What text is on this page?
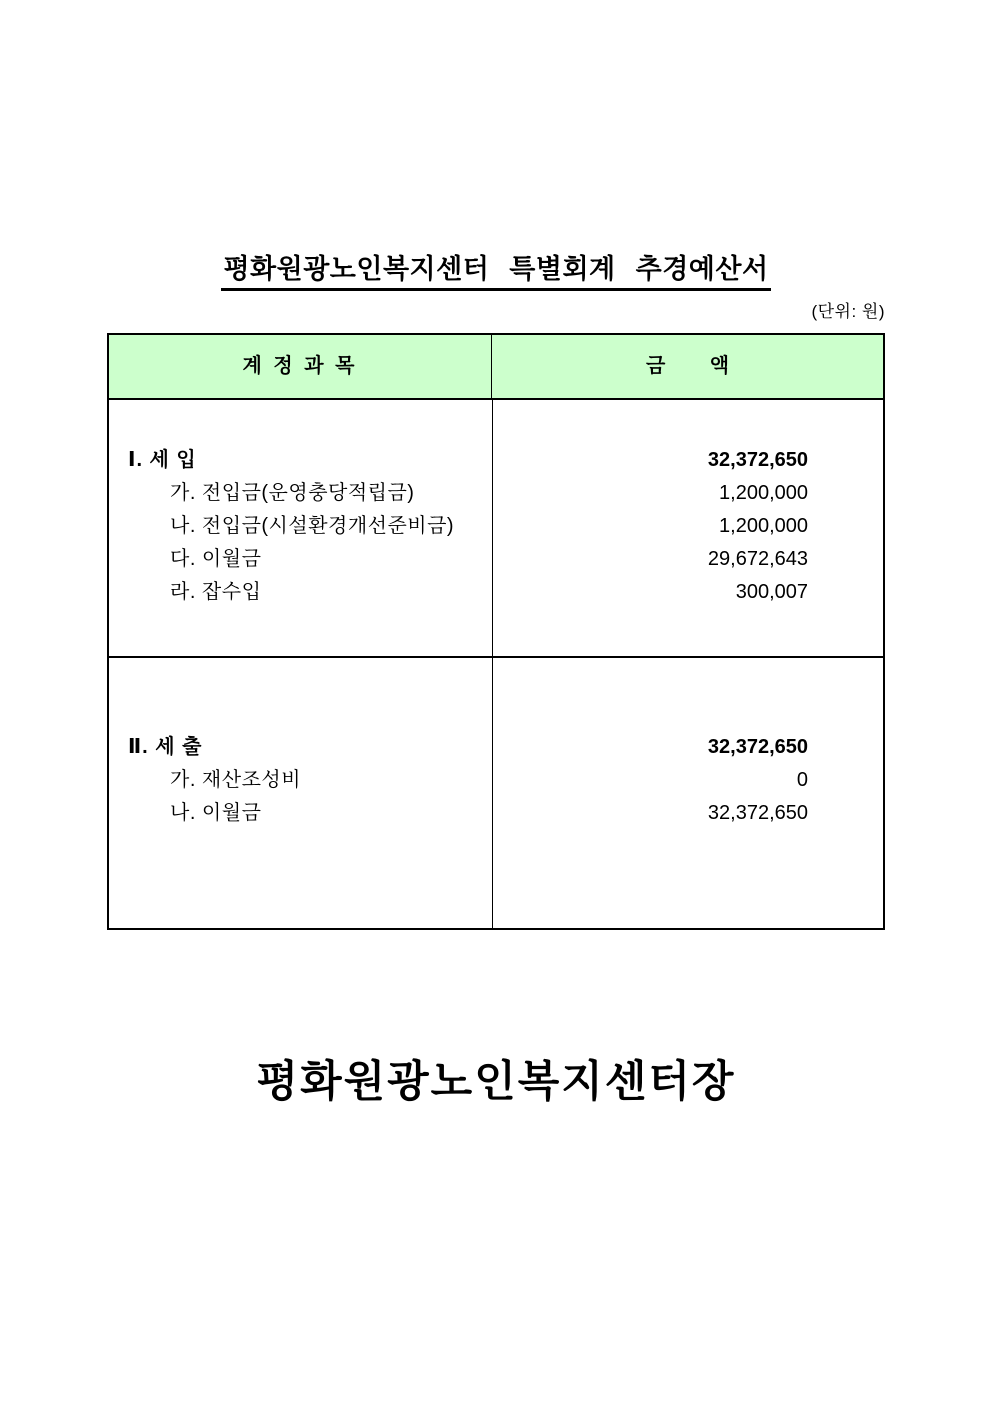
평화원광노인복지센터 특별회계 추경예산서
(단위: 원)
계 정 과 목	금        액
Ⅰ. 세 입	32,372,650
가. 전입금(운영충당적립금)	1,200,000
나. 전입금(시설환경개선준비금)	1,200,000
다. 이월금	29,672,643
라. 잡수입	300,007
Ⅱ. 세 출	32,372,650
가. 재산조성비	0
나. 이월금	32,372,650
평화원광노인복지센터장
